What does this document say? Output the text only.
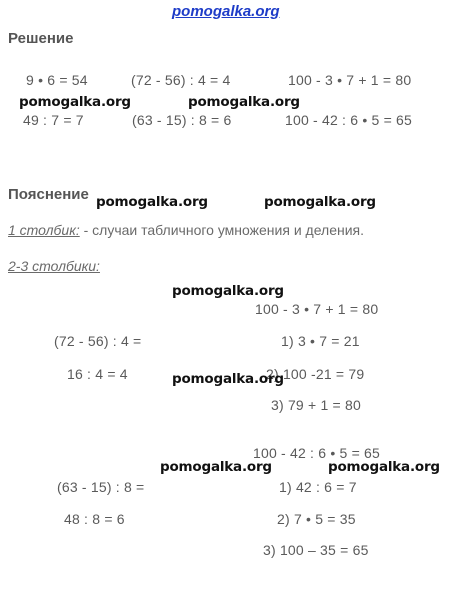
pomogalka.org
Решение
9 • 6 = 54	(72 - 56) : 4 = 4	100 - 3 • 7 + 1 = 80
pomogalka.org	pomogalka.org
49 : 7 = 7	(63 - 15) : 8 = 6	100 - 42 : 6 • 5 = 65
Пояснение pomogalka.org	pomogalka.org
1 столбик: - случаи табличного умножения и деления.
2-3 столбики:
pomogalka.org
100 - 3 • 7 + 1 = 80
1) 3 • 7 = 21
2) 100 -21 = 79
3) 79 + 1 = 80
(72 - 56) : 4 =
16 : 4 = 4	pomogalka.org
100 - 42 : 6 • 5 = 65
pomogalka.org	pomogalka.org
1) 42 : 6 = 7
2) 7 • 5 = 35
3) 100 – 35 = 65
(63 - 15) : 8 =
48 : 8 = 6
